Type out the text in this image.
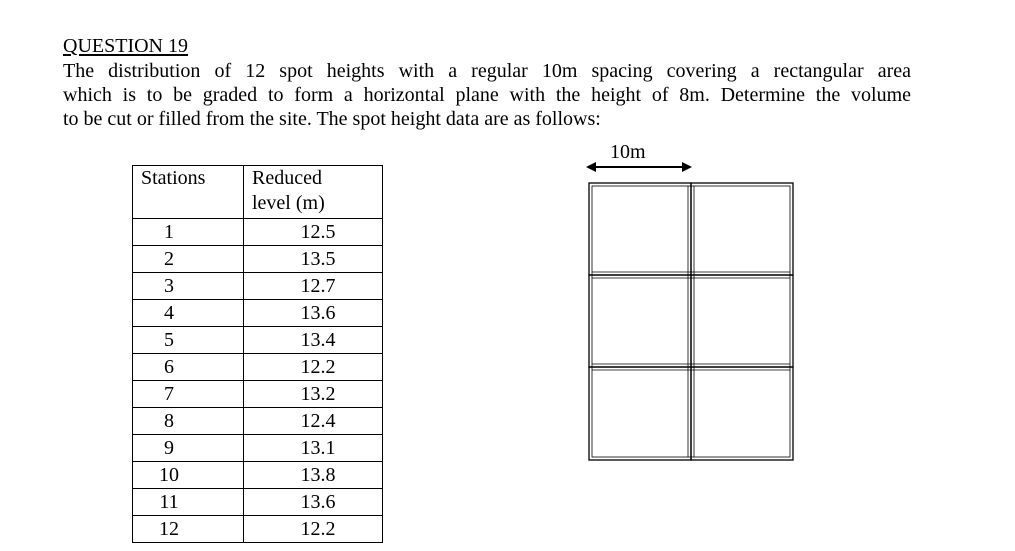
QUESTION 19

The distribution of 12 spot heights with a regular 10m spacing covering a rectangular area
which is to be graded to form a horizontal plane with the height of 8m. Determine the volume
to be cut or filled from the site. The spot height data are as follows:

Stations	Reduced
level (m)
1	12.5
2	13.5
3	12.7
4	13.6
5	13.4
6	12.2
7	13.2
8	12.4
9	13.1
10	13.8
11	13.6
12	12.2
10m
